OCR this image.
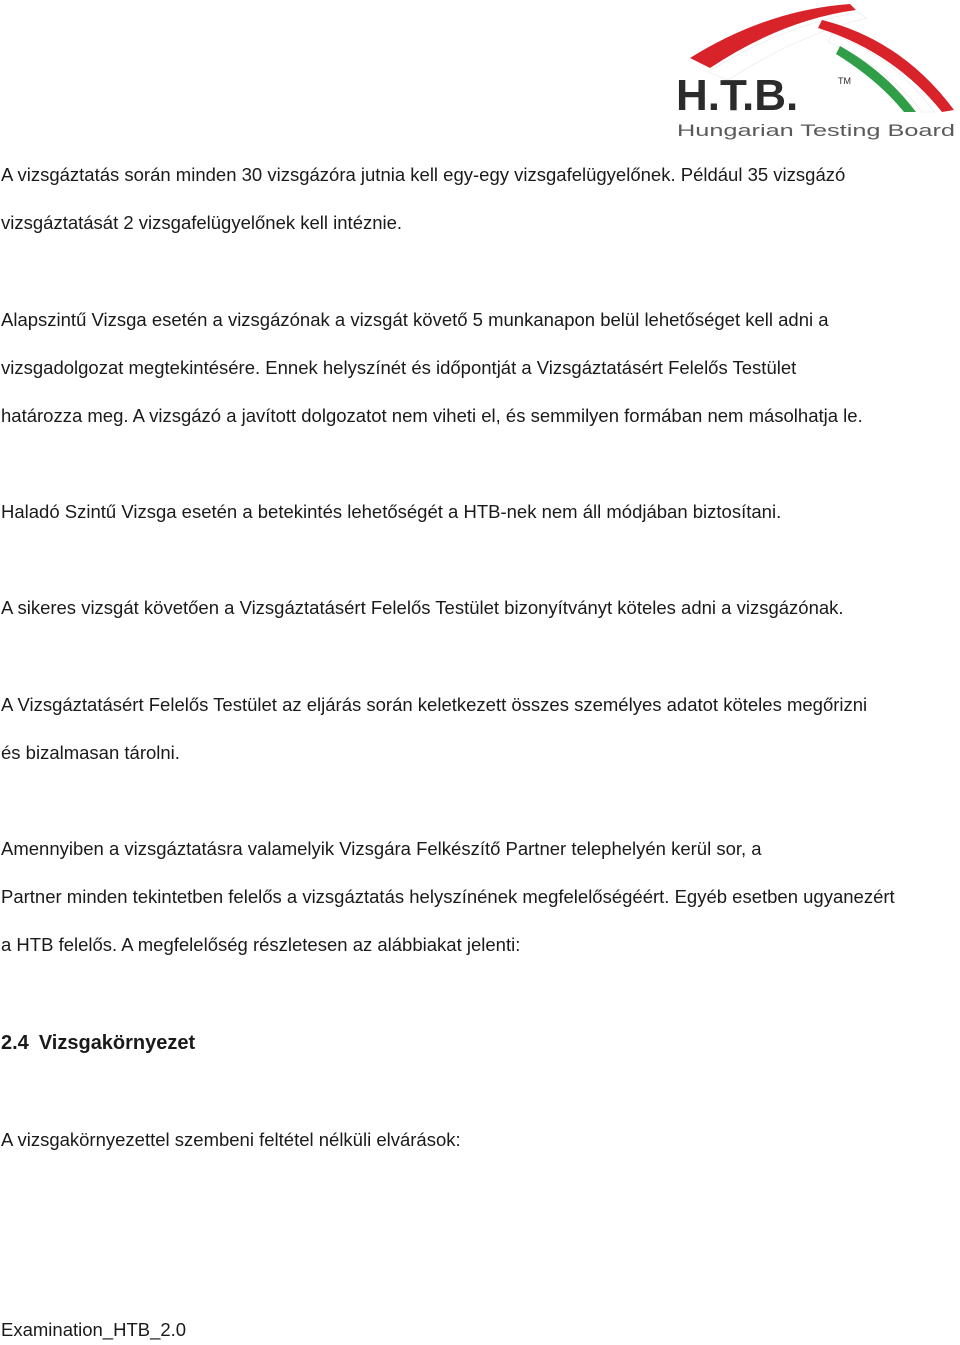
H.T.B.	TM
Hungarian Testing Board
A vizsgáztatás során minden 30 vizsgázóra jutnia kell egy-egy vizsgafelügyelőnek. Például 35 vizsgázó
vizsgáztatását 2 vizsgafelügyelőnek kell intéznie.
Alapszintű Vizsga esetén a vizsgázónak a vizsgát követő 5 munkanapon belül lehetőséget kell adni a
vizsgadolgozat megtekintésére. Ennek helyszínét és időpontját a Vizsgáztatásért Felelős Testület
határozza meg. A vizsgázó a javított dolgozatot nem viheti el, és semmilyen formában nem másolhatja le.
Haladó Szintű Vizsga esetén a betekintés lehetőségét a HTB-nek nem áll módjában biztosítani.
A sikeres vizsgát követően a Vizsgáztatásért Felelős Testület bizonyítványt köteles adni a vizsgázónak.
A Vizsgáztatásért Felelős Testület az eljárás során keletkezett összes személyes adatot köteles megőrizni
és bizalmasan tárolni.
Amennyiben a vizsgáztatásra valamelyik Vizsgára Felkészítő Partner telephelyén kerül sor, a
Partner minden tekintetben felelős a vizsgáztatás helyszínének megfelelőségéért. Egyéb esetben ugyanezért
a HTB felelős. A megfelelőség részletesen az alábbiakat jelenti:
2.4 Vizsgakörnyezet
A vizsgakörnyezettel szembeni feltétel nélküli elvárások:
Examination_HTB_2.0
